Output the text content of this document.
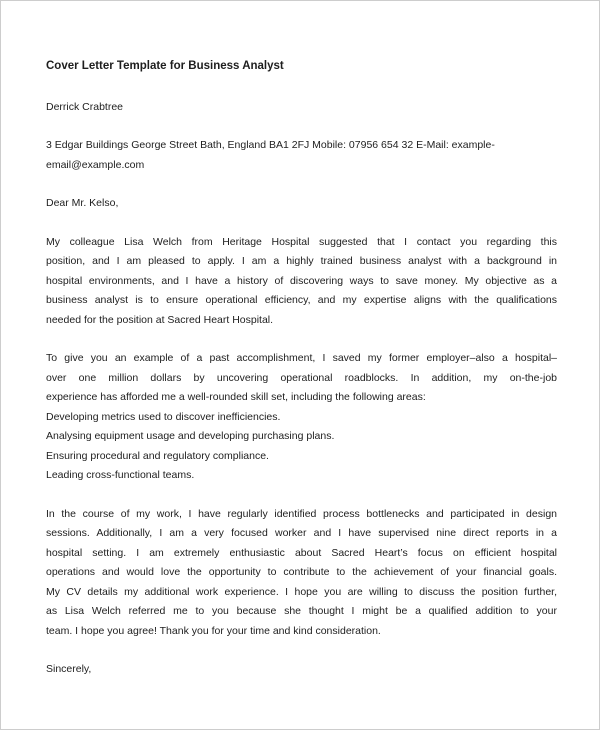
Cover Letter Template for Business Analyst
Derrick Crabtree
3 Edgar Buildings George Street Bath, England BA1 2FJ Mobile: 07956 654 32 E-Mail: example-
email@example.com
Dear Mr. Kelso,
My colleague Lisa Welch from Heritage Hospital suggested that I contact you regarding this
position, and I am pleased to apply. I am a highly trained business analyst with a background in
hospital environments, and I have a history of discovering ways to save money. My objective as a
business analyst is to ensure operational efficiency, and my expertise aligns with the qualifications
needed for the position at Sacred Heart Hospital.
To give you an example of a past accomplishment, I saved my former employer–also a hospital–
over one million dollars by uncovering operational roadblocks. In addition, my on-the-job
experience has afforded me a well-rounded skill set, including the following areas:
Developing metrics used to discover inefficiencies.
Analysing equipment usage and developing purchasing plans.
Ensuring procedural and regulatory compliance.
Leading cross-functional teams.
In the course of my work, I have regularly identified process bottlenecks and participated in design
sessions. Additionally, I am a very focused worker and I have supervised nine direct reports in a
hospital setting. I am extremely enthusiastic about Sacred Heart’s focus on efficient hospital
operations and would love the opportunity to contribute to the achievement of your financial goals.
My CV details my additional work experience. I hope you are willing to discuss the position further,
as Lisa Welch referred me to you because she thought I might be a qualified addition to your
team. I hope you agree! Thank you for your time and kind consideration.
Sincerely,
